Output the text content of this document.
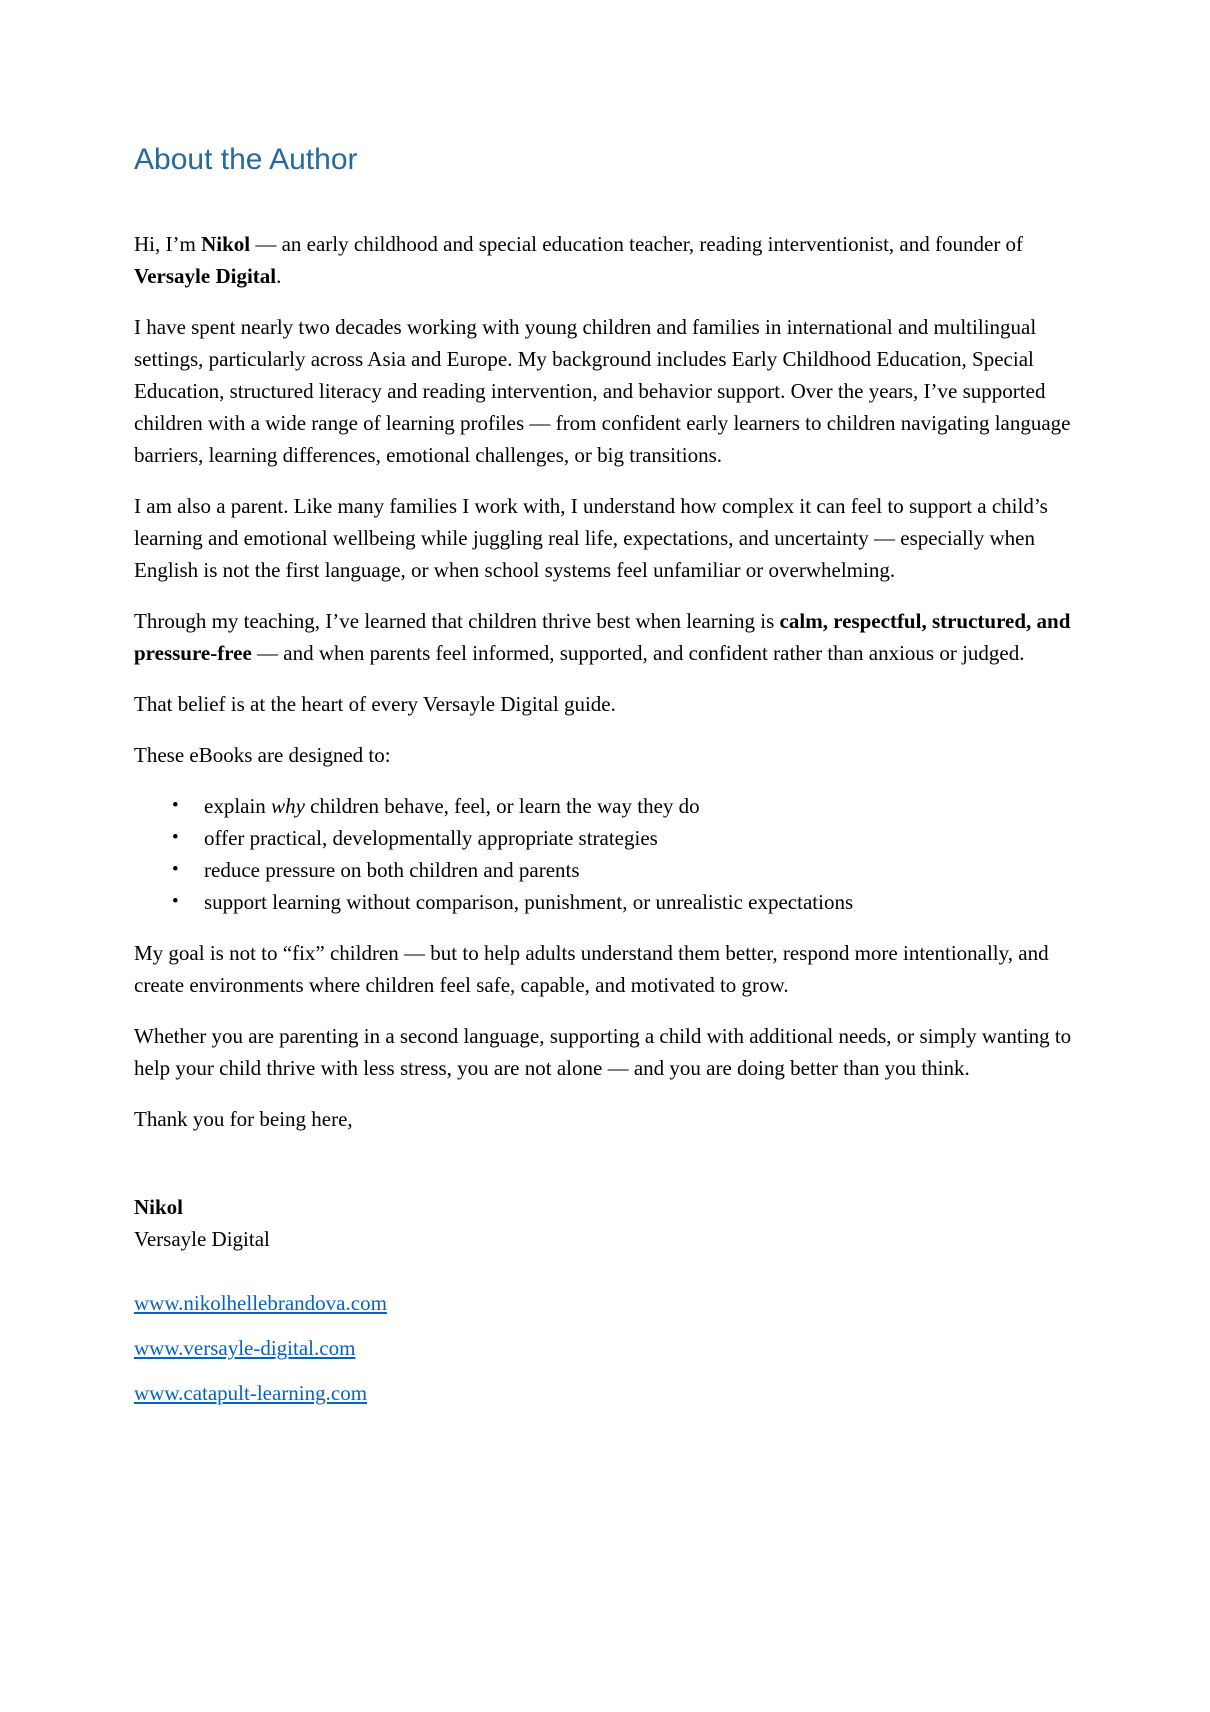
About the Author

Hi, I’m Nikol — an early childhood and special education teacher, reading interventionist, and founder of Versayle Digital.

I have spent nearly two decades working with young children and families in international and multilingual settings, particularly across Asia and Europe. My background includes Early Childhood Education, Special Education, structured literacy and reading intervention, and behavior support. Over the years, I’ve supported children with a wide range of learning profiles — from confident early learners to children navigating language barriers, learning differences, emotional challenges, or big transitions.

I am also a parent. Like many families I work with, I understand how complex it can feel to support a child’s learning and emotional wellbeing while juggling real life, expectations, and uncertainty — especially when English is not the first language, or when school systems feel unfamiliar or overwhelming.

Through my teaching, I’ve learned that children thrive best when learning is calm, respectful, structured, and pressure-free — and when parents feel informed, supported, and confident rather than anxious or judged.

That belief is at the heart of every Versayle Digital guide.

These eBooks are designed to:

• explain why children behave, feel, or learn the way they do
• offer practical, developmentally appropriate strategies
• reduce pressure on both children and parents
• support learning without comparison, punishment, or unrealistic expectations

My goal is not to “fix” children — but to help adults understand them better, respond more intentionally, and create environments where children feel safe, capable, and motivated to grow.

Whether you are parenting in a second language, supporting a child with additional needs, or simply wanting to help your child thrive with less stress, you are not alone — and you are doing better than you think.

Thank you for being here,

Nikol

Versayle Digital

www.nikolhellebrandova.com
www.versayle-digital.com
www.catapult-learning.com
